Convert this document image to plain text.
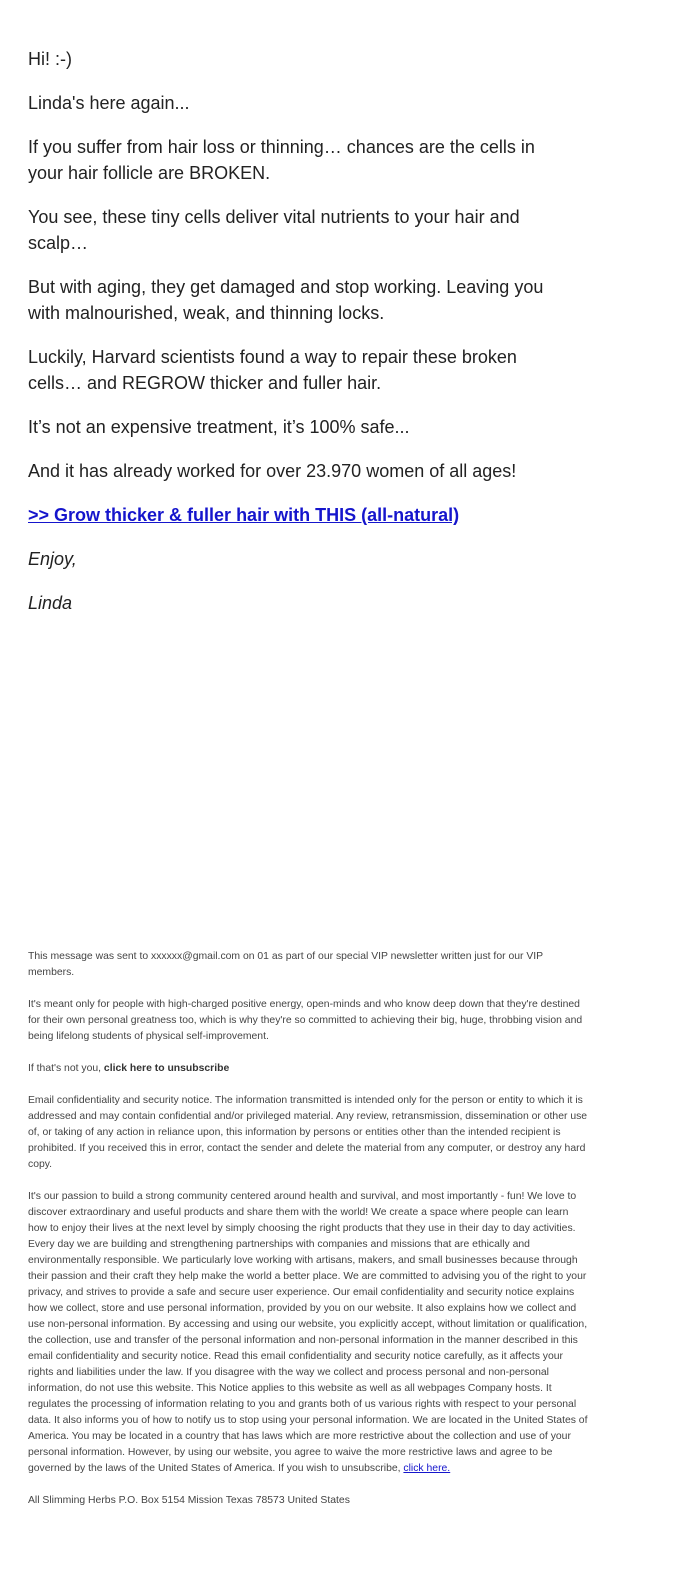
Hi! :-)

Linda's here again...

If you suffer from hair loss or thinning… chances are the cells in your hair follicle are BROKEN.

You see, these tiny cells deliver vital nutrients to your hair and scalp…

But with aging, they get damaged and stop working. Leaving you with malnourished, weak, and thinning locks.

Luckily, Harvard scientists found a way to repair these broken cells… and REGROW thicker and fuller hair.

It’s not an expensive treatment, it’s 100% safe...

And it has already worked for over 23.970 women of all ages!

>> Grow thicker & fuller hair with THIS (all-natural)

Enjoy,

Linda

This message was sent to xxxxxx@gmail.com on 01 as part of our special VIP newsletter written just for our VIP members.

It's meant only for people with high-charged positive energy, open-minds and who know deep down that they're destined for their own personal greatness too, which is why they're so committed to achieving their big, huge, throbbing vision and being lifelong students of physical self-improvement.

If that's not you, click here to unsubscribe

Email confidentiality and security notice. The information transmitted is intended only for the person or entity to which it is addressed and may contain confidential and/or privileged material. Any review, retransmission, dissemination or other use of, or taking of any action in reliance upon, this information by persons or entities other than the intended recipient is prohibited. If you received this in error, contact the sender and delete the material from any computer, or destroy any hard copy.

It's our passion to build a strong community centered around health and survival, and most importantly - fun! We love to discover extraordinary and useful products and share them with the world! We create a space where people can learn how to enjoy their lives at the next level by simply choosing the right products that they use in their day to day activities. Every day we are building and strengthening partnerships with companies and missions that are ethically and environmentally responsible. We particularly love working with artisans, makers, and small businesses because through their passion and their craft they help make the world a better place. We are committed to advising you of the right to your privacy, and strives to provide a safe and secure user experience. Our email confidentiality and security notice explains how we collect, store and use personal information, provided by you on our website. It also explains how we collect and use non-personal information. By accessing and using our website, you explicitly accept, without limitation or qualification, the collection, use and transfer of the personal information and non-personal information in the manner described in this email confidentiality and security notice. Read this email confidentiality and security notice carefully, as it affects your rights and liabilities under the law. If you disagree with the way we collect and process personal and non-personal information, do not use this website. This Notice applies to this website as well as all webpages Company hosts. It regulates the processing of information relating to you and grants both of us various rights with respect to your personal data. It also informs you of how to notify us to stop using your personal information. We are located in the United States of America. You may be located in a country that has laws which are more restrictive about the collection and use of your personal information. However, by using our website, you agree to waive the more restrictive laws and agree to be governed by the laws of the United States of America. If you wish to unsubscribe, click here.

All Slimming Herbs P.O. Box 5154 Mission Texas 78573 United States
